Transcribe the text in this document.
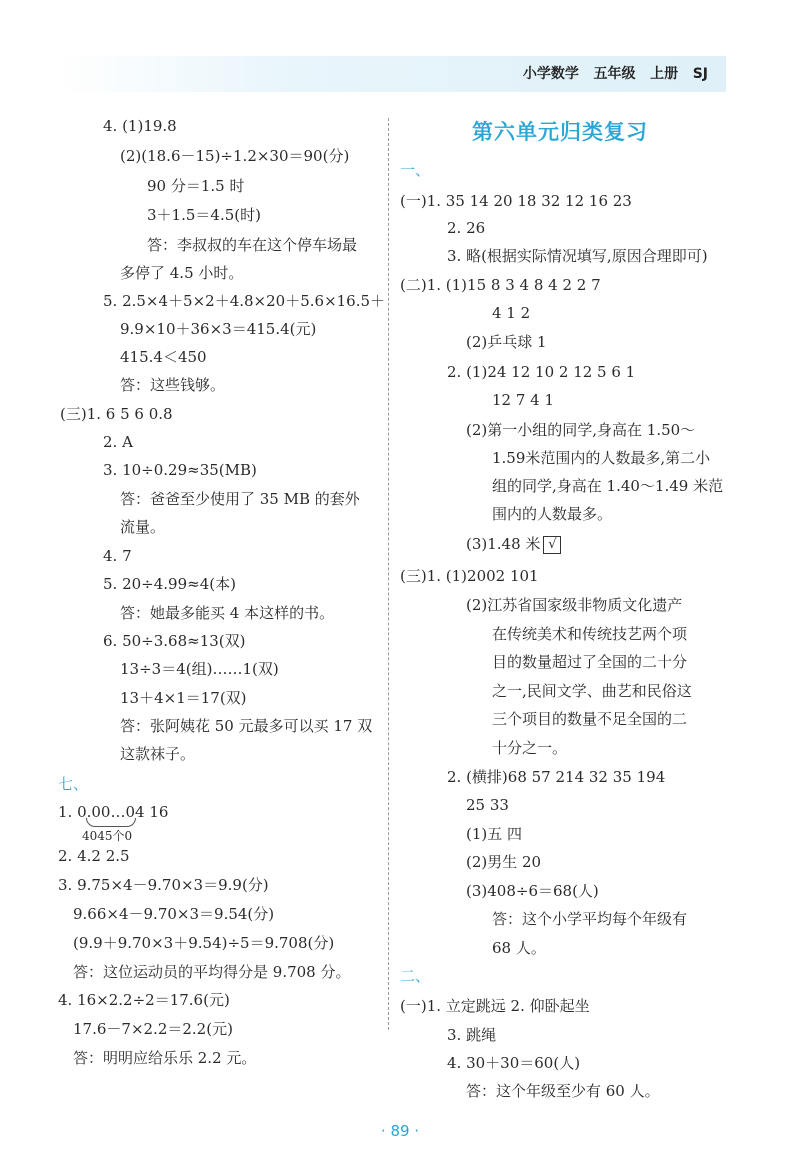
小学数学   五年级   上册   SJ
4. (1)19.8
(2)(18.6－15)÷1.2×30＝90(分)
90 分＝1.5 时
3＋1.5＝4.5(时)
答：李叔叔的车在这个停车场最
多停了 4.5 小时。
5. 2.5×4＋5×2＋4.8×20＋5.6×16.5＋
9.9×10＋36×3＝415.4(元)
415.4＜450
答：这些钱够。
(三)1. 6 5 6 0.8
2. A
3. 10÷0.29≈35(MB)
答：爸爸至少使用了 35 MB 的套外
流量。
4. 7
5. 20÷4.99≈4(本)
答：她最多能买 4 本这样的书。
6. 50÷3.68≈13(双)
13÷3＝4(组)……1(双)
13＋4×1＝17(双)
答：张阿姨花 50 元最多可以买 17 双
这款袜子。
七、
1. 0.00…04 16
4045个0
2. 4.2 2.5
3. 9.75×4－9.70×3＝9.9(分)
9.66×4－9.70×3＝9.54(分)
(9.9＋9.70×3＋9.54)÷5＝9.708(分)
答：这位运动员的平均得分是 9.708 分。
4. 16×2.2÷2＝17.6(元)
17.6－7×2.2＝2.2(元)
答：明明应给乐乐 2.2 元。
第六单元归类复习
一、
(一)1. 35 14 20 18 32 12 16 23
2. 26
3. 略(根据实际情况填写,原因合理即可)
(二)1. (1)15 8 3 4 8 4 2 2 7
4 1 2
(2)乒乓球 1
2. (1)24 12 10 2 12 5 6 1
12 7 4 1
(2)第一小组的同学,身高在 1.50～
1.59米范围内的人数最多,第二小
组的同学,身高在 1.40～1.49 米范
围内的人数最多。
(3)1.48 米 √
(三)1. (1)2002 101
(2)江苏省国家级非物质文化遗产
在传统美术和传统技艺两个项
目的数量超过了全国的二十分
之一,民间文学、曲艺和民俗这
三个项目的数量不足全国的二
十分之一。
2. (横排)68 57 214 32 35 194
25 33
(1)五 四
(2)男生 20
(3)408÷6＝68(人)
答：这个小学平均每个年级有
68 人。
二、
(一)1. 立定跳远 2. 仰卧起坐
3. 跳绳
4. 30＋30＝60(人)
答：这个年级至少有 60 人。
· 89 ·
